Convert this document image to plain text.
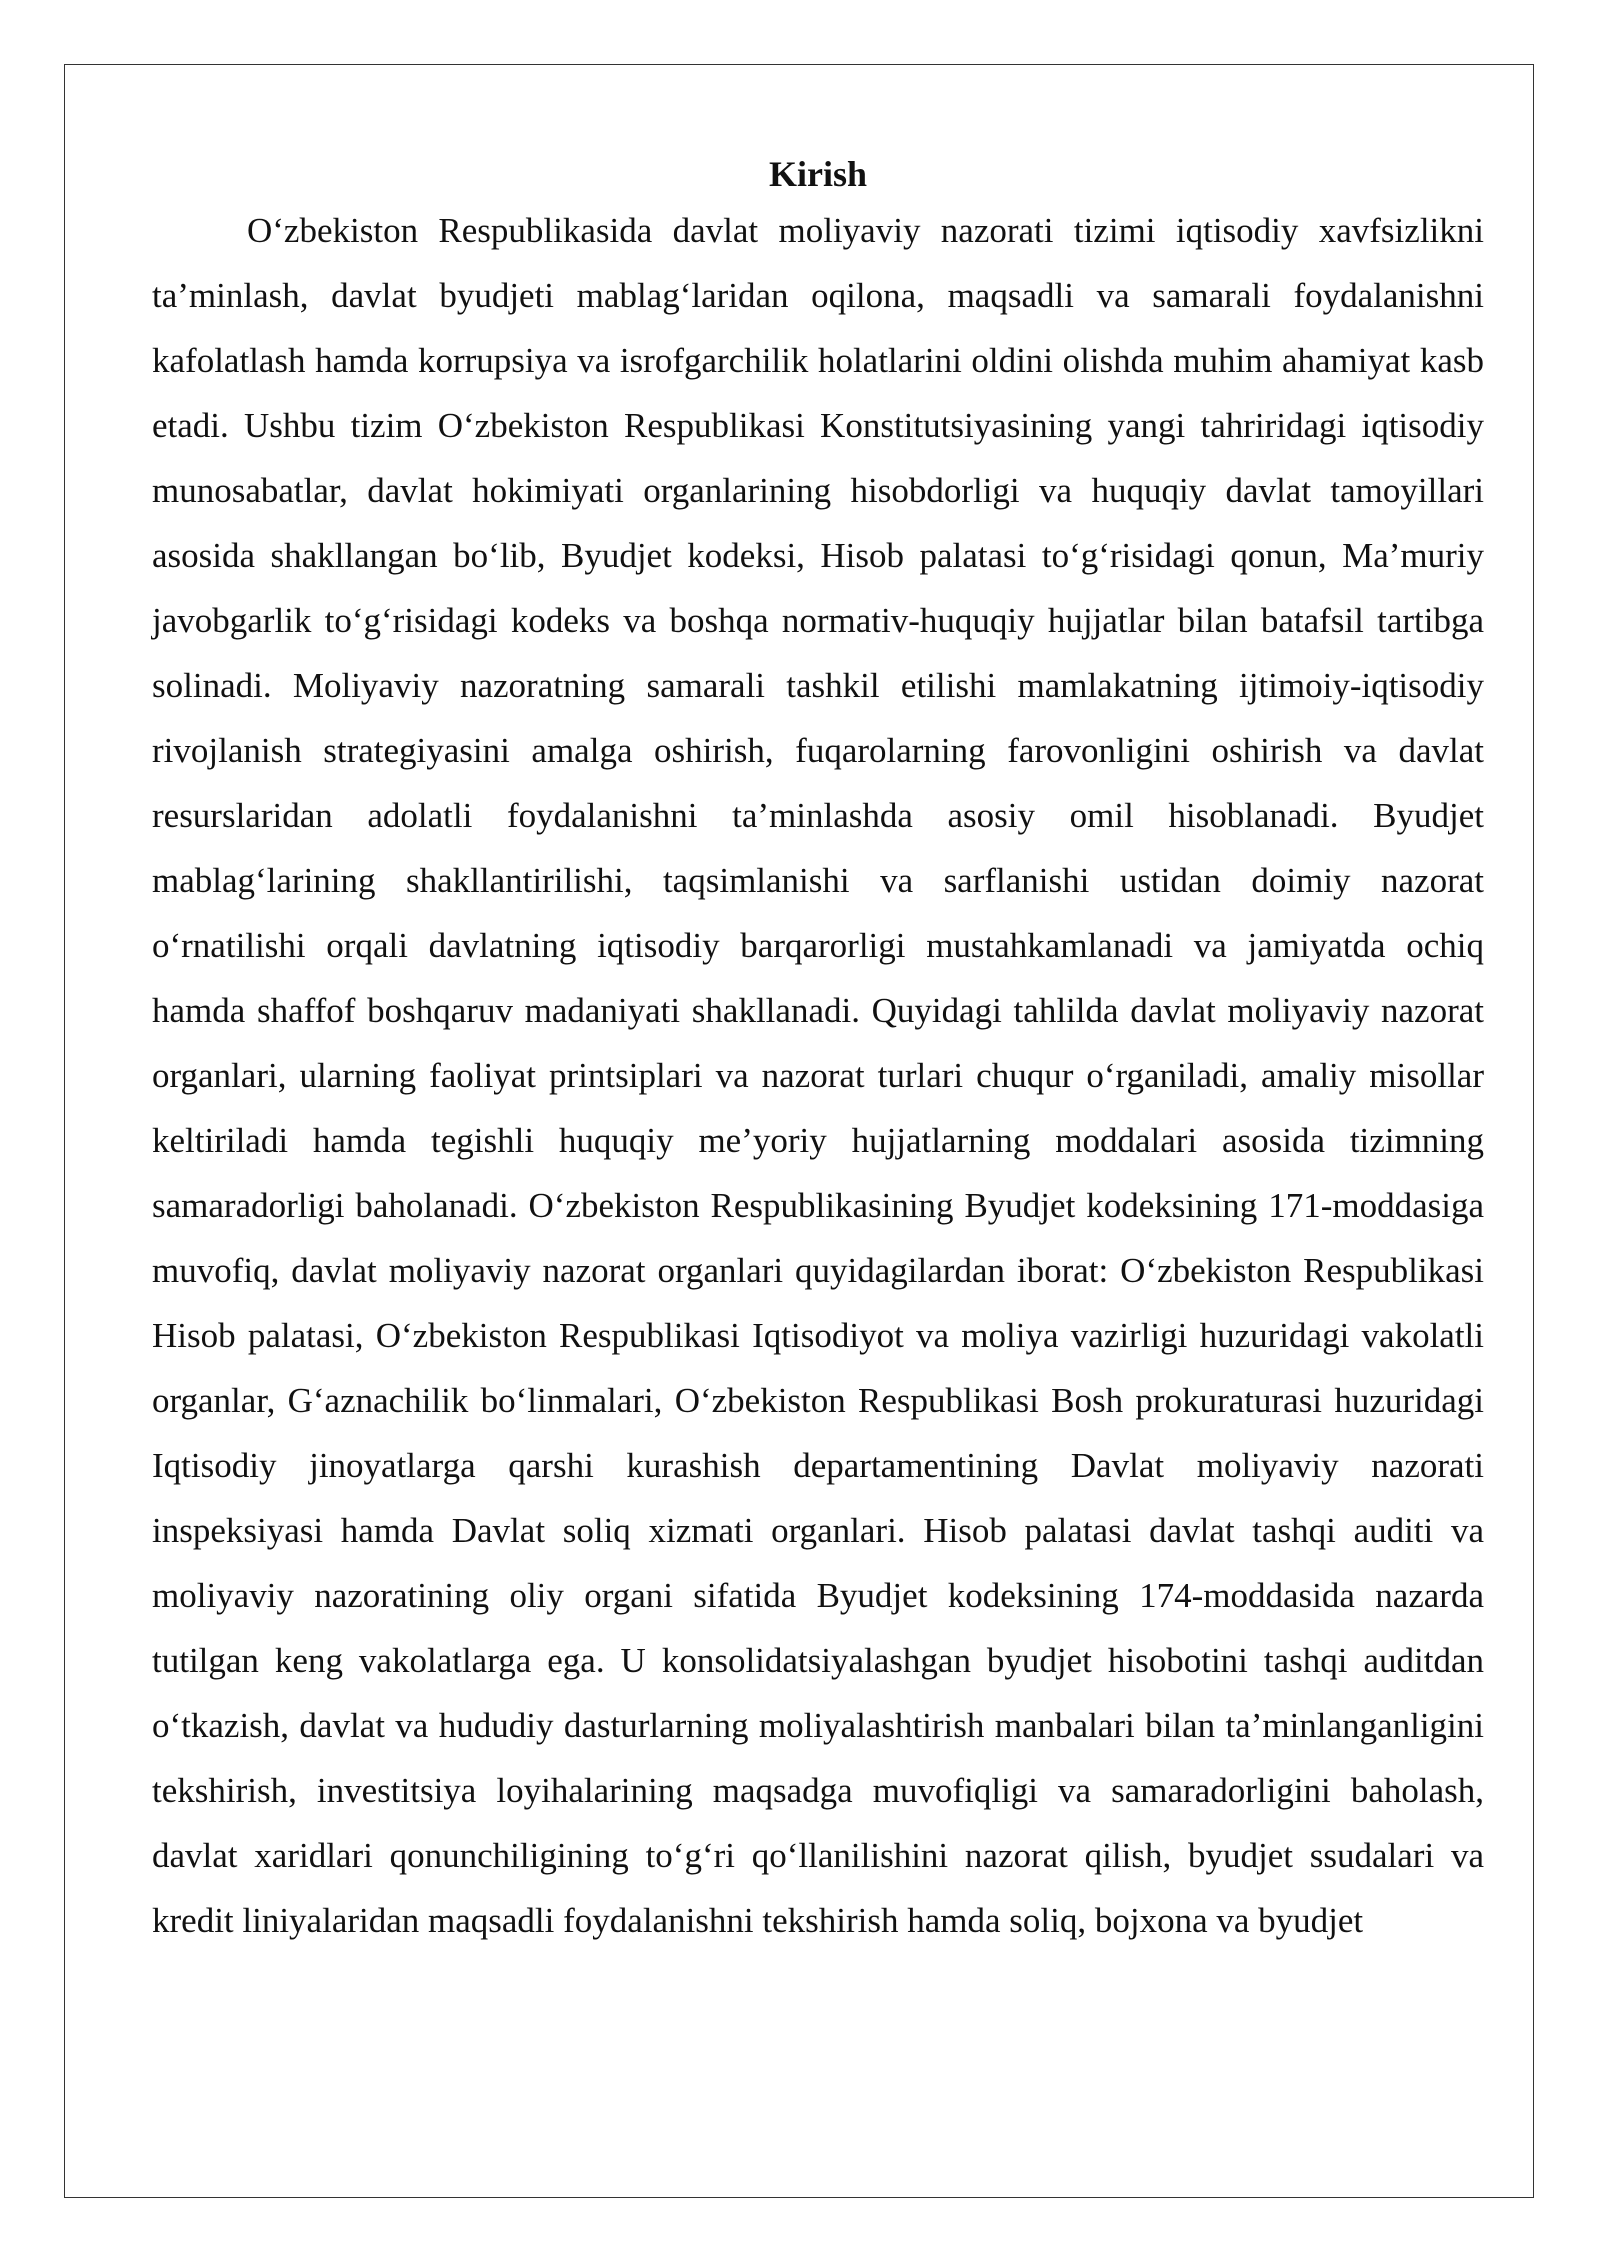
Kirish

O‘zbekiston Respublikasida davlat moliyaviy nazorati tizimi iqtisodiy xavfsizlikni ta’minlash, davlat byudjeti mablag‘laridan oqilona, maqsadli va samarali foydalanishni kafolatlash hamda korrupsiya va isrofgarchilik holatlarini oldini olishda muhim ahamiyat kasb etadi. Ushbu tizim O‘zbekiston Respublikasi Konstitutsiyasining yangi tahriridagi iqtisodiy munosabatlar, davlat hokimiyati organlarining hisobdorligi va huquqiy davlat tamoyillari asosida shakllangan bo‘lib, Byudjet kodeksi, Hisob palatasi to‘g‘risidagi qonun, Ma’muriy javobgarlik to‘g‘risidagi kodeks va boshqa normativ-huquqiy hujjatlar bilan batafsil tartibga solinadi. Moliyaviy nazoratning samarali tashkil etilishi mamlakatning ijtimoiy-iqtisodiy rivojlanish strategiyasini amalga oshirish, fuqarolarning farovonligini oshirish va davlat resurslaridan adolatli foydalanishni ta’minlashda asosiy omil hisoblanadi. Byudjet mablag‘larining shakllantirilishi, taqsimlanishi va sarflanishi ustidan doimiy nazorat o‘rnatilishi orqali davlatning iqtisodiy barqarorligi mustahkamlanadi va jamiyatda ochiq hamda shaffof boshqaruv madaniyati shakllanadi. Quyidagi tahlilda davlat moliyaviy nazorat organlari, ularning faoliyat printsiplari va nazorat turlari chuqur o‘rganiladi, amaliy misollar keltiriladi hamda tegishli huquqiy me’yoriy hujjatlarning moddalari asosida tizimning samaradorligi baholanadi. O‘zbekiston Respublikasining Byudjet kodeksining 171-moddasiga muvofiq, davlat moliyaviy nazorat organlari quyidagilardan iborat: O‘zbekiston Respublikasi Hisob palatasi, O‘zbekiston Respublikasi Iqtisodiyot va moliya vazirligi huzuridagi vakolatli organlar, G‘aznachilik bo‘linmalari, O‘zbekiston Respublikasi Bosh prokuraturasi huzuridagi Iqtisodiy jinoyatlarga qarshi kurashish departamentining Davlat moliyaviy nazorati inspeksiyasi hamda Davlat soliq xizmati organlari. Hisob palatasi davlat tashqi auditi va moliyaviy nazoratining oliy organi sifatida Byudjet kodeksining 174-moddasida nazarda tutilgan keng vakolatlarga ega. U konsolidatsiyalashgan byudjet hisobotini tashqi auditdan o‘tkazish, davlat va hududiy dasturlarning moliyalashtirish manbalari bilan ta’minlanganligini tekshirish, investitsiya loyihalarining maqsadga muvofiqligi va samaradorligini baholash, davlat xaridlari qonunchiligining to‘g‘ri qo‘llanilishini nazorat qilish, byudjet ssudalari va kredit liniyalaridan maqsadli foydalanishni tekshirish hamda soliq, bojxona va byudjet
